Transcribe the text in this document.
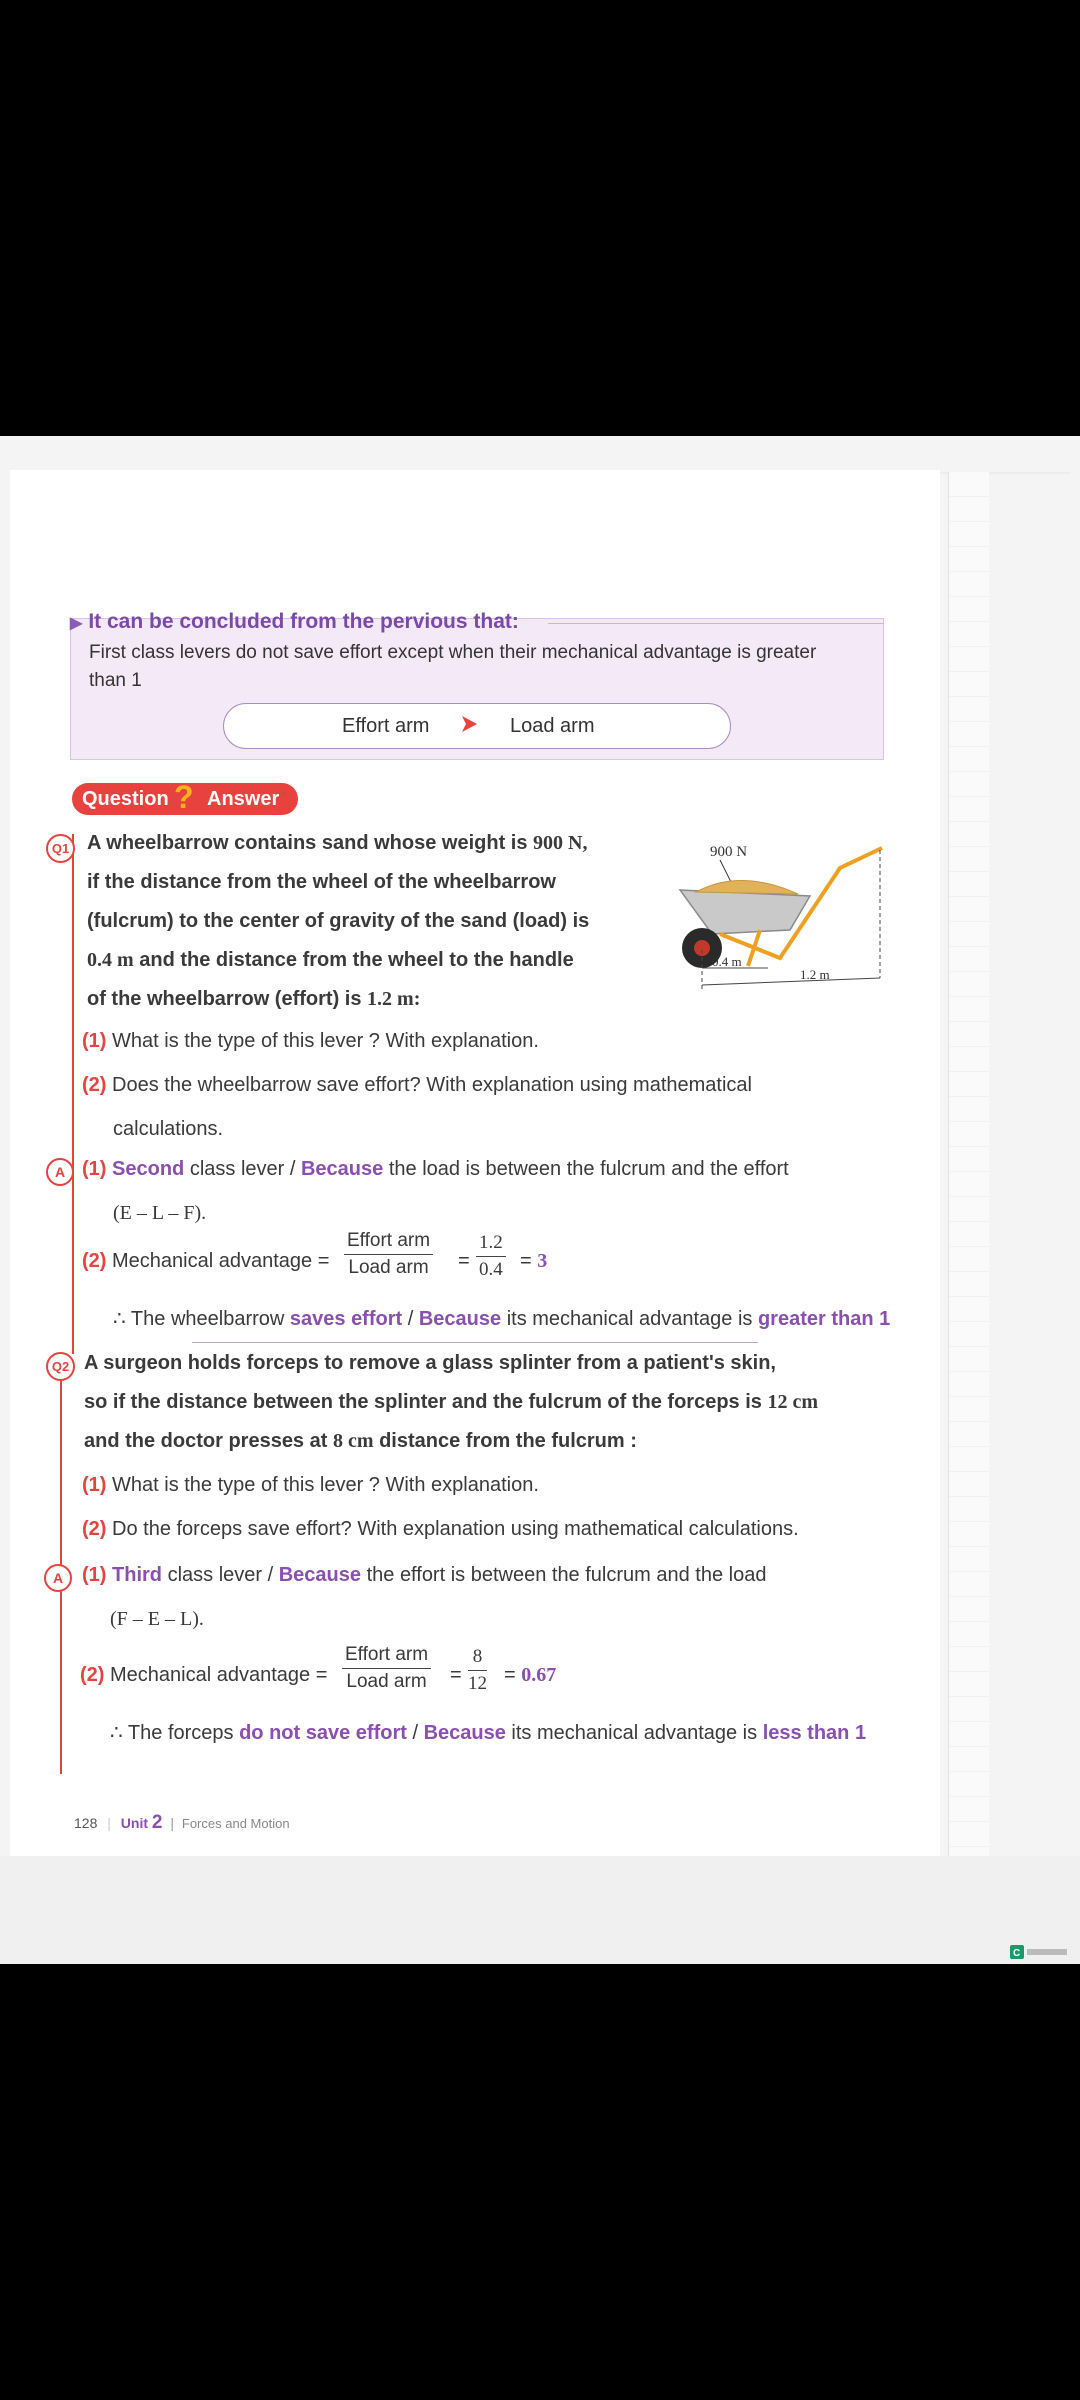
First class levers do not save effort except when their mechanical advantage is greater than 1
Effort arm	Load arm
▶ It can be concluded from the pervious that:
Question ? Answer
Q1 A wheelbarrow contains sand whose weight is 900 N,
if the distance from the wheel of the wheelbarrow
(fulcrum) to the center of gravity of the sand (load) is
0.4 m and the distance from the wheel to the handle
of the wheelbarrow (effort) is 1.2 m:
900 N
0.4 m
1.2 m
(1) What is the type of this lever ? With explanation.
(2) Does the wheelbarrow save effort? With explanation using mathematical
calculations.
A (1) Second class lever / Because the load is between the fulcrum and the effort
(E – L – F).
(2) Mechanical advantage =
Effort arm
Load arm = $\frac{1.2}{0.4} = 3$
∴ The wheelbarrow saves effort / Because its mechanical advantage is greater than 1
Q2 A surgeon holds forceps to remove a glass splinter from a patient's skin,
so if the distance between the splinter and the fulcrum of the forceps is 12 cm
and the doctor presses at 8 cm distance from the fulcrum :
(1) What is the type of this lever ? With explanation.
(2) Do the forceps save effort? With explanation using mathematical calculations.
A (1) Third class lever / Because the effort is between the fulcrum and the load
(F – E – L).
(2) Mechanical advantage =
Effort arm
Load arm = $\frac{8}{12} = 0.67$
∴ The forceps do not save effort / Because its mechanical advantage is less than 1
128 | Unit 2 | Forces and Motion
C
